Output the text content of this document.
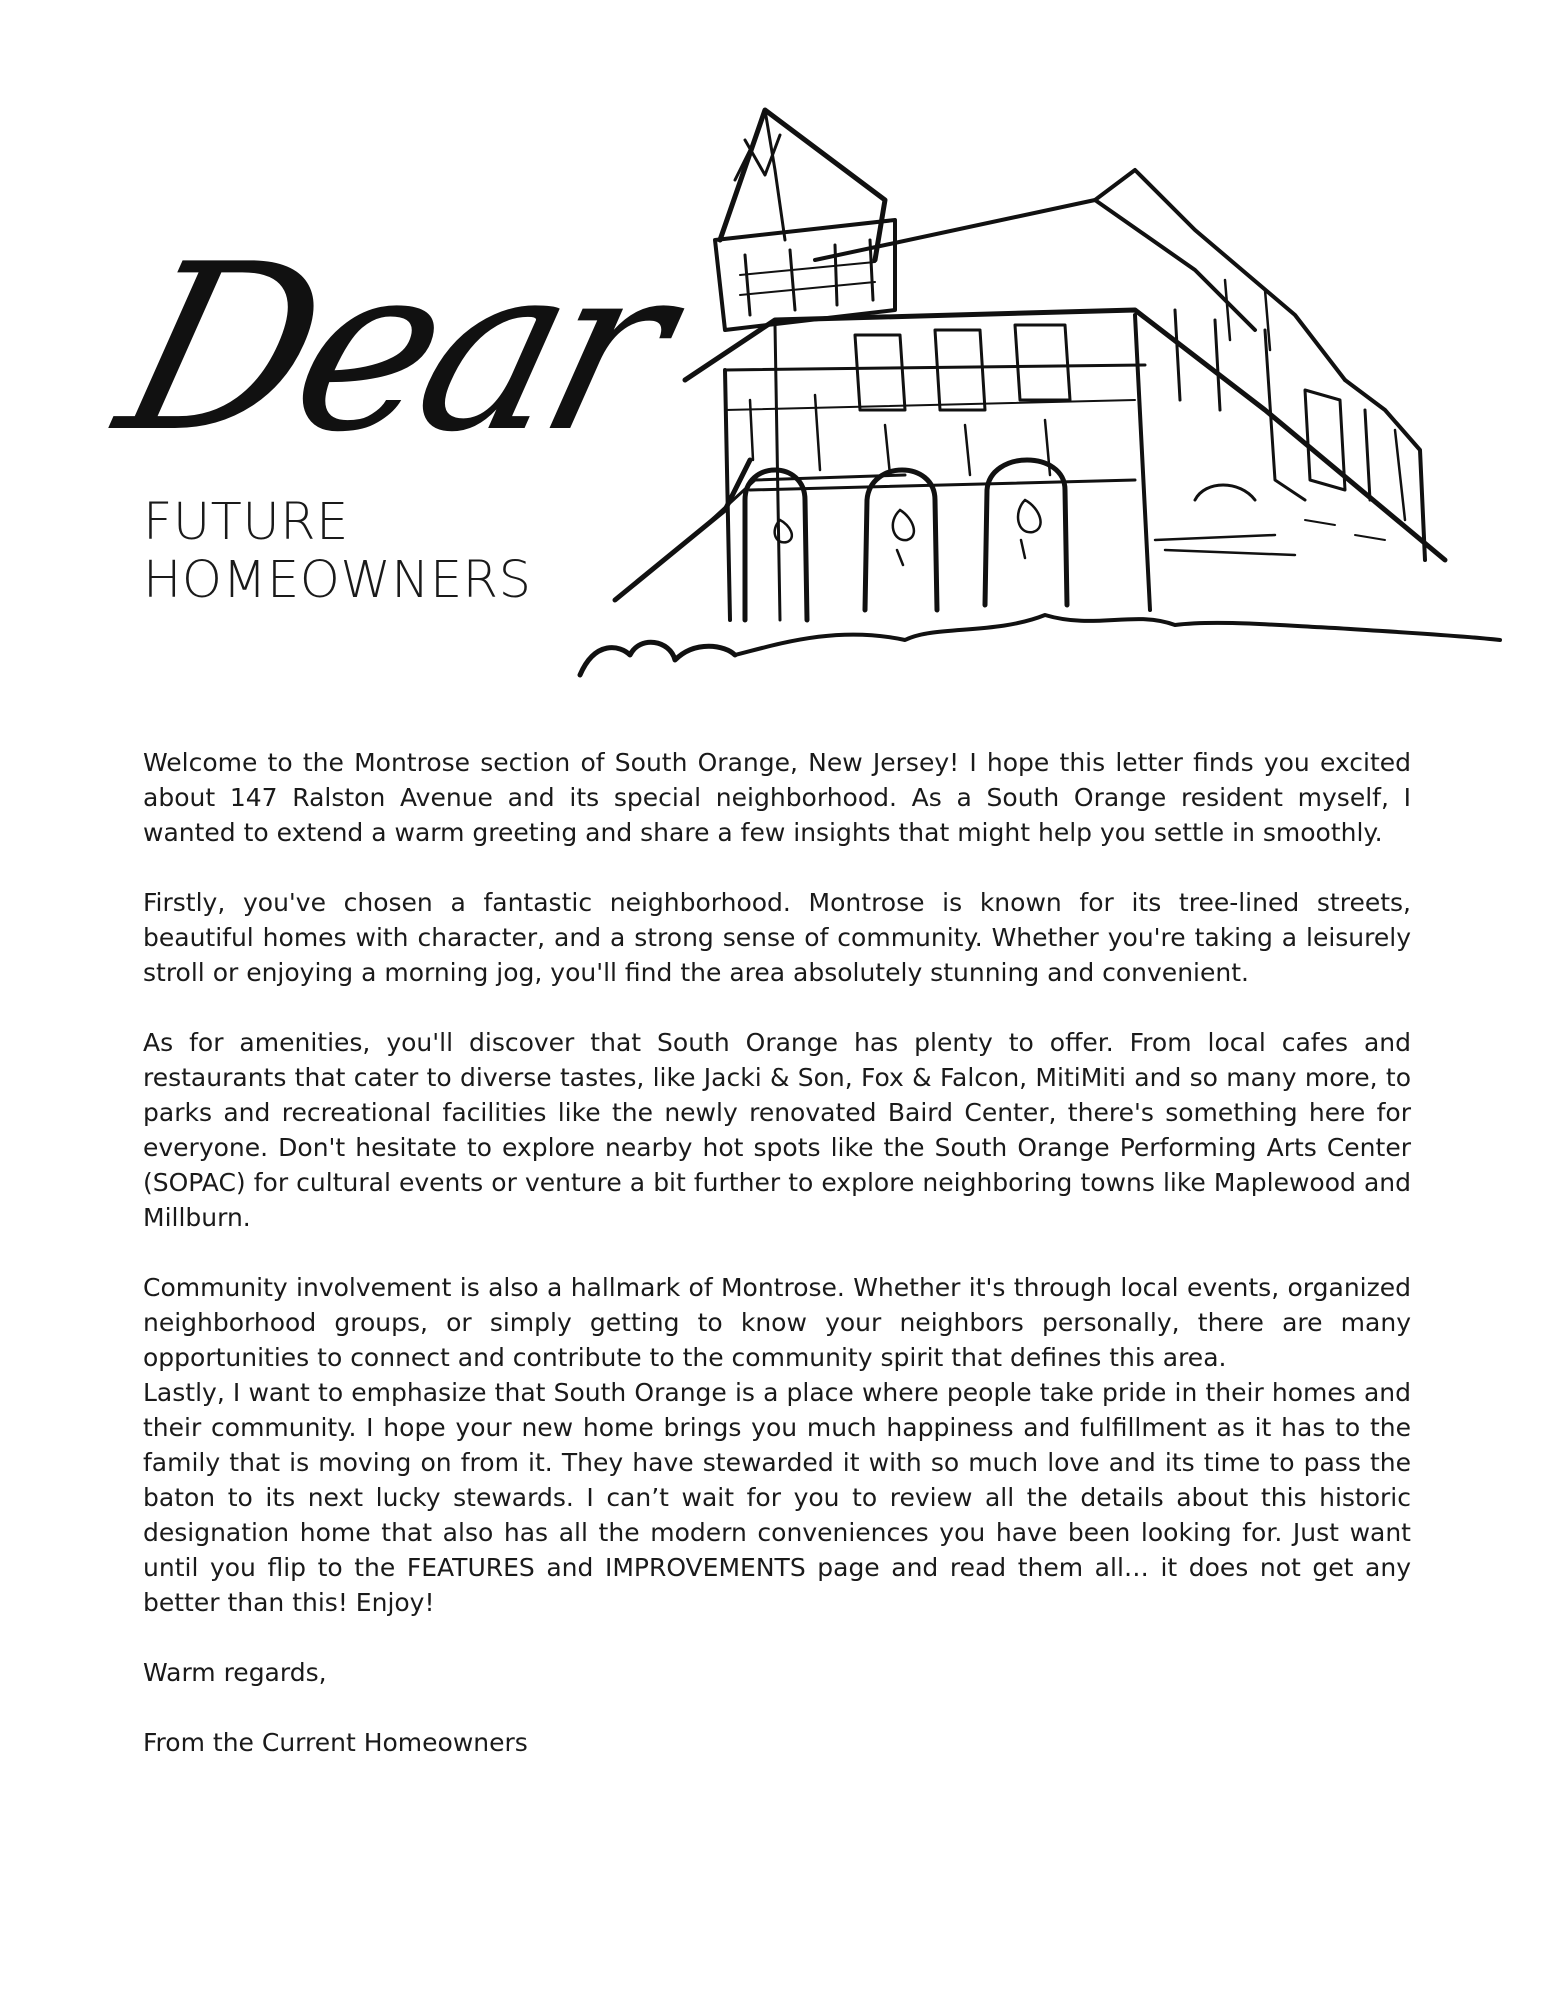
Dear
FUTURE
HOMEOWNERS

Welcome to the Montrose section of South Orange, New Jersey! I hope this letter finds you excited about 147 Ralston Avenue and its special neighborhood. As a South Orange resident myself, I wanted to extend a warm greeting and share a few insights that might help you settle in smoothly.

Firstly, you've chosen a fantastic neighborhood. Montrose is known for its tree-lined streets, beautiful homes with character, and a strong sense of community. Whether you're taking a leisurely stroll or enjoying a morning jog, you'll find the area absolutely stunning and convenient.

As for amenities, you'll discover that South Orange has plenty to offer. From local cafes and restaurants that cater to diverse tastes, like Jacki & Son, Fox & Falcon, MitiMiti and so many more, to parks and recreational facilities like the newly renovated Baird Center, there's something here for everyone. Don't hesitate to explore nearby hot spots like the South Orange Performing Arts Center (SOPAC) for cultural events or venture a bit further to explore neighboring towns like Maplewood and Millburn.

Community involvement is also a hallmark of Montrose. Whether it's through local events, organized neighborhood groups, or simply getting to know your neighbors personally, there are many opportunities to connect and contribute to the community spirit that defines this area.

Lastly, I want to emphasize that South Orange is a place where people take pride in their homes and their community. I hope your new home brings you much happiness and fulfillment as it has to the family that is moving on from it. They have stewarded it with so much love and its time to pass the baton to its next lucky stewards. I can’t wait for you to review all the details about this historic designation home that also has all the modern conveniences you have been looking for. Just want until you flip to the FEATURES and IMPROVEMENTS page and read them all… it does not get any better than this! Enjoy!

Warm regards,

From the Current Homeowners
